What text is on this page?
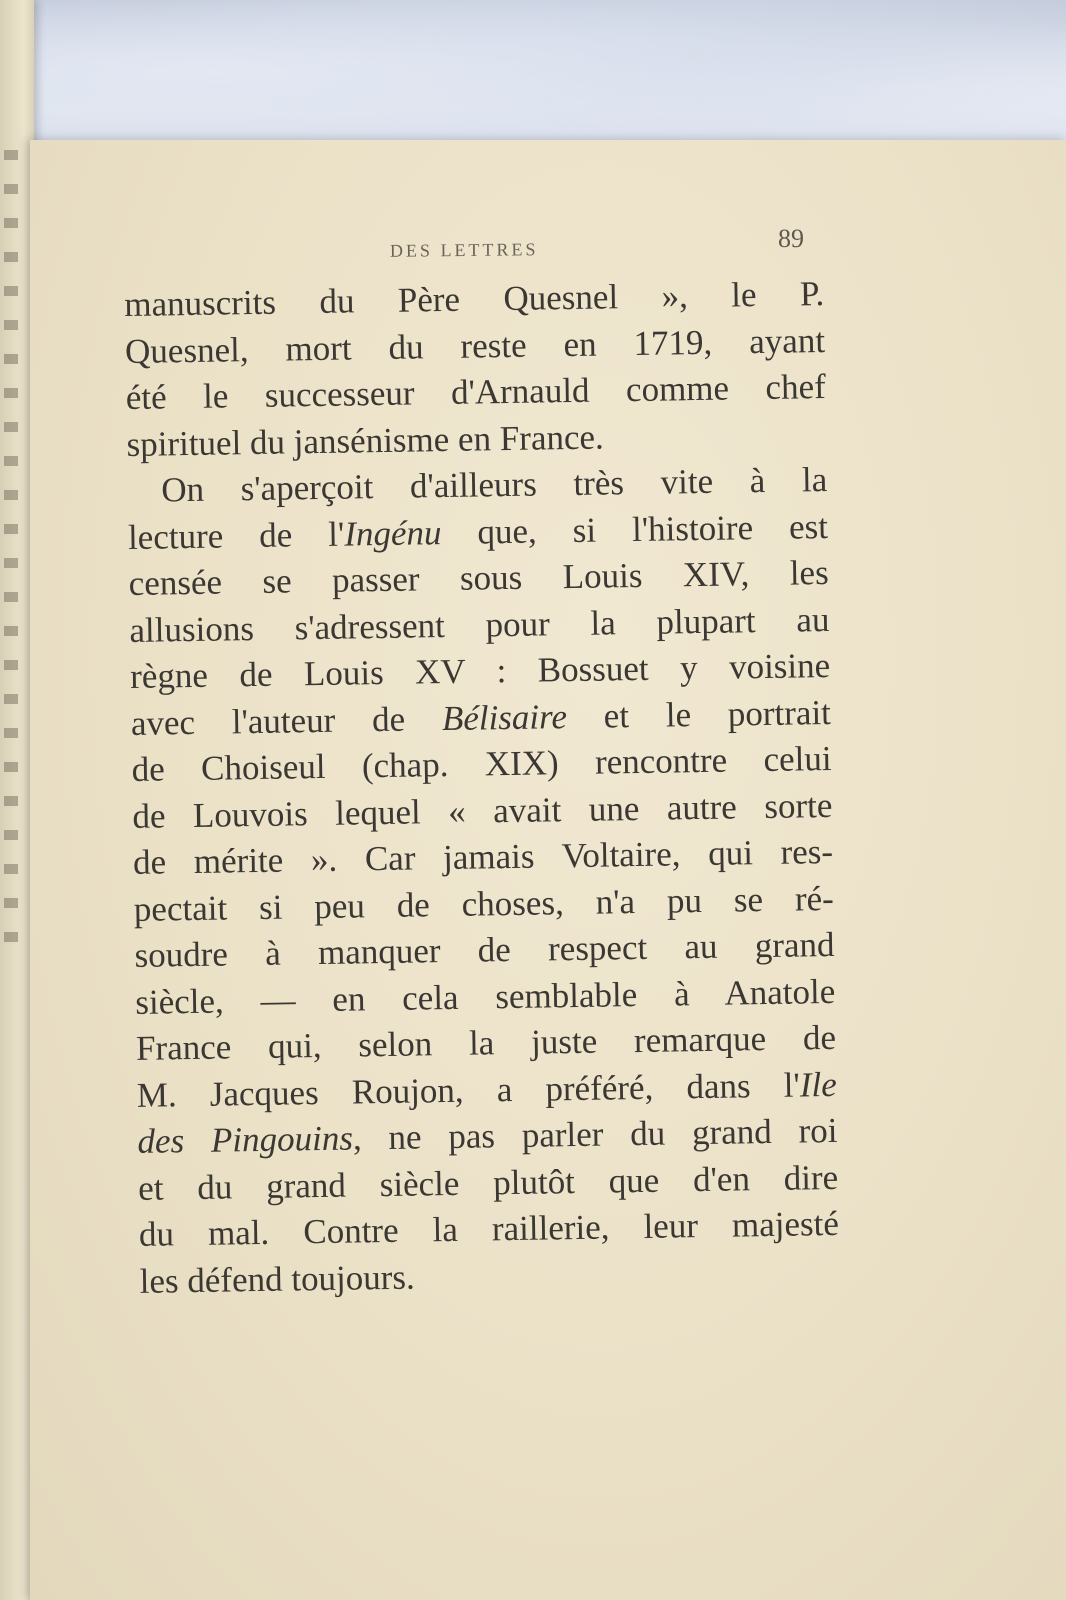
DES LETTRES	89
manuscrits du Père Quesnel », le P.
Quesnel, mort du reste en 1719, ayant
été le successeur d'Arnauld comme chef
spirituel du jansénisme en France.
On s'aperçoit d'ailleurs très vite à la
lecture de l'Ingénu que, si l'histoire est
censée se passer sous Louis XIV, les
allusions s'adressent pour la plupart au
règne de Louis XV : Bossuet y voisine
avec l'auteur de Bélisaire et le portrait
de Choiseul (chap. XIX) rencontre celui
de Louvois lequel « avait une autre sorte
de mérite ». Car jamais Voltaire, qui res-
pectait si peu de choses, n'a pu se ré-
soudre à manquer de respect au grand
siècle, — en cela semblable à Anatole
France qui, selon la juste remarque de
M. Jacques Roujon, a préféré, dans l'Ile
des Pingouins, ne pas parler du grand roi
et du grand siècle plutôt que d'en dire
du mal. Contre la raillerie, leur majesté
les défend toujours.
